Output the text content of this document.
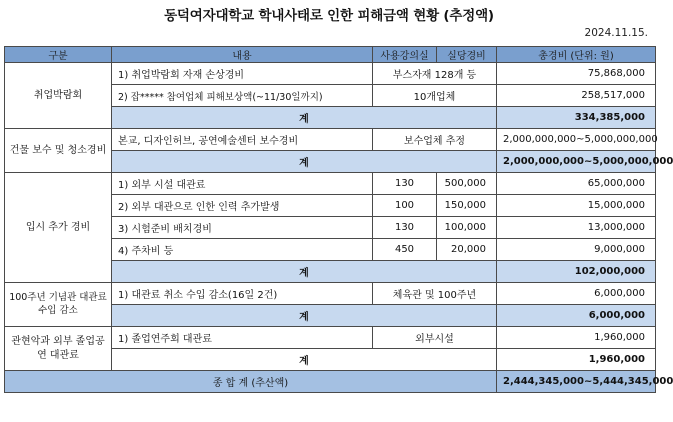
동덕여자대학교 학내사태로 인한 피해금액 현황 (추정액)
2024.11.15.
구분	내용	사용강의실	실당경비	총경비 (단위: 원)
취업박람회	1) 취업박람회 자재 손상경비	부스자재 128개 등		75,868,000
	2) 잡***** 참여업체 피해보상액(~11/30일까지)	10개업체		258,517,000
	계			334,385,000
건물 보수 및 청소경비	본교, 디자인허브, 공연예술센터 보수경비	보수업체 추정		2,000,000,000~5,000,000,000
	계			2,000,000,000~5,000,000,000
입시 추가 경비	1) 외부 시설 대관료	130	500,000	65,000,000
	2) 외부 대관으로 인한 인력 추가발생	100	150,000	15,000,000
	3) 시험준비 배치경비	130	100,000	13,000,000
	4) 주차비 등	450	20,000	9,000,000
	계			102,000,000
100주년 기념관 대관료 수입 감소	1) 대관료 취소 수입 감소(16일 2건)	체육관 및 100주년		6,000,000
	계			6,000,000
관현악과 외부 졸업공연 대관료	1) 졸업연주회 대관료	외부시설		1,960,000
	계			1,960,000
종 합 계 (추산액)				2,444,345,000~5,444,345,000
